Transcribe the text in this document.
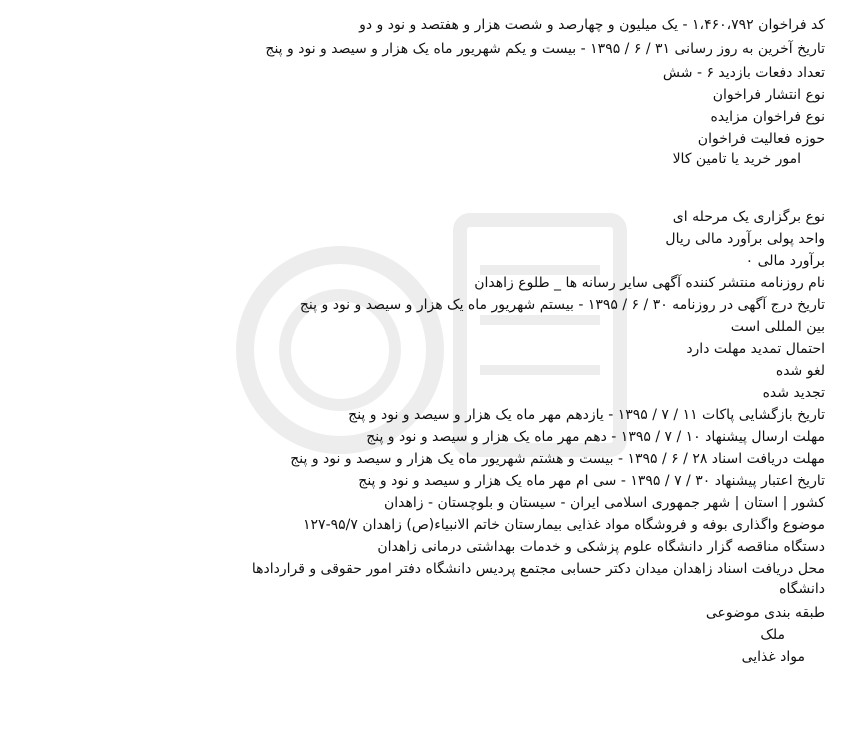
کد فراخوان ۱،۴۶۰،۷۹۲ - یک میلیون و چهارصد و شصت هزار و هفتصد و نود و دو
تاریخ آخرین به روز رسانی ۳۱ / ۶ / ۱۳۹۵ - بیست و یکم شهریور ماه یک هزار و سیصد و نود و پنج
تعداد دفعات بازدید ۶ - شش
نوع انتشار فراخوان
نوع فراخوان مزایده
حوزه فعالیت فراخوان
امور خرید یا تامین کالا
نوع برگزاری یک مرحله ای
واحد پولی برآورد مالی ریال
برآورد مالی ۰
نام روزنامه منتشر کننده آگهی سایر رسانه ها _ طلوع زاهدان
تاریخ درج آگهی در روزنامه ۳۰ / ۶ / ۱۳۹۵ - بیستم شهریور ماه یک هزار و سیصد و نود و پنج
بین المللی است
احتمال تمدید مهلت دارد
لغو شده
تجدید شده
تاریخ بازگشایی پاکات ۱۱ / ۷ / ۱۳۹۵ - یازدهم مهر ماه یک هزار و سیصد و نود و پنج
مهلت ارسال پیشنهاد ۱۰ / ۷ / ۱۳۹۵ - دهم مهر ماه یک هزار و سیصد و نود و پنج
مهلت دریافت اسناد ۲۸ / ۶ / ۱۳۹۵ - بیست و هشتم شهریور ماه یک هزار و سیصد و نود و پنج
تاریخ اعتبار پیشنهاد ۳۰ / ۷ / ۱۳۹۵ - سی ام مهر ماه یک هزار و سیصد و نود و پنج
کشور | استان | شهر جمهوری اسلامی ایران - سیستان و بلوچستان - زاهدان
موضوع واگذاری بوفه و فروشگاه مواد غذایی بیمارستان خاتم الانبیاء(ص) زاهدان ۹۵/۷-۱۲۷
دستگاه مناقصه گزار دانشگاه علوم پزشکی و خدمات بهداشتی درمانی زاهدان
محل دریافت اسناد زاهدان میدان دکتر حسابی مجتمع پردیس دانشگاه دفتر امور حقوقی و قراردادها
دانشگاه
طبقه بندی موضوعی
ملک
مواد غذایی
